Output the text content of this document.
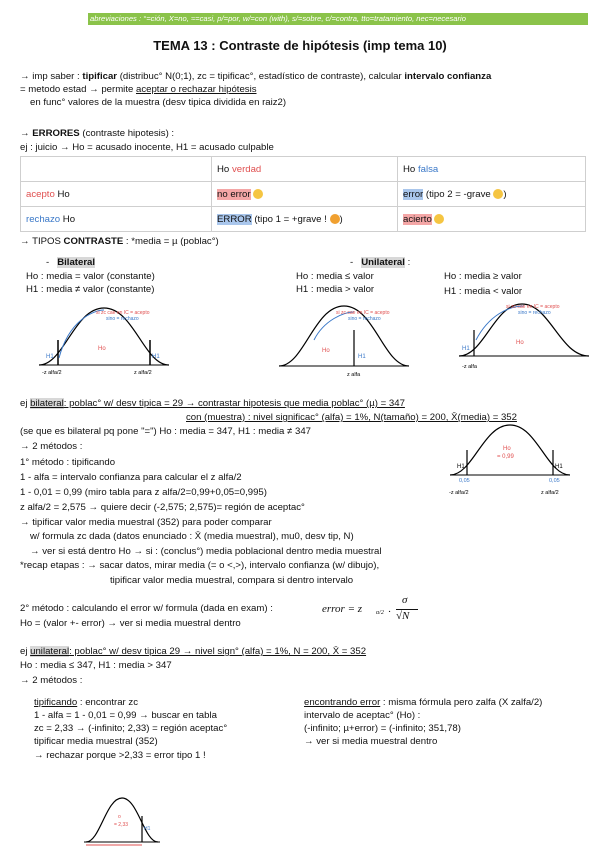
abreviaciones : °=ción, X=no, ≈=casi, p/=por, w/=con (with), s/=sobre, c/=contra, tto=tratamiento, nec=necesario
TEMA 13 : Contraste de hipótesis (imp tema 10)
→ imp saber : tipificar (distribuc° N(0;1), zc = tipificac°, estadístico de contraste), calcular intervalo confianza
= metodo estad → permite aceptar o rechazar hipótesis
en func° valores de la muestra (desv tipica dividida en raiz2)
→ ERRORES (contraste hipotesis) :
ej : juicio → Ho = acusado inocente, H1 = acusado culpable
	Ho verdad	Ho falsa
acepto Ho	no error	error (tipo 2 = -grave )
rechazo Ho	ERROR (tipo 1 = +grave ! )	acierto
→ TIPOS CONTRASTE : *media = µ (poblac°)
- Bilateral
Ho : media = valor (constante)
H1 : media ≠ valor (constante)
- Unilateral :
Ho : media ≤ valor
H1 : media > valor
Ho : media ≥ valor
H1 : media < valor
si zc cae en IC = acepto
sino = rechazo
Ho
H1	H1
-z alfa/2	z alfa/2
si zc cae en IC = acepto
sino = rechazo
Ho
H1
z alfa
si zc cae en IC = acepto
sino = rechazo
Ho
H1
-z alfa
ej bilateral: poblac° w/ desv tipica = 29 → contrastar hipotesis que media poblac° (µ) = 347
con (muestra) : nivel significac° (alfa) = 1%, N(tamaño) = 200, X̄(media) = 352
(se que es bilateral pq pone "=") Ho : media = 347, H1 : media ≠ 347
→ 2 métodos :
1° método : tipificando
1 - alfa = intervalo confianza para calcular el z alfa/2
1 - 0,01 = 0,99 (miro tabla para z alfa/2=0,99+0,05=0,995)
z alfa/2 = 2,575 → quiere decir (-2,575; 2,575)= región de aceptac°
→ tipificar valor media muestral (352) para poder comparar
w/ formula zc dada (datos enunciado : X̄ (media muestral), mu0, desv tip, N)
→ ver si está dentro Ho → si : (conclus°) media poblacional dentro media muestral
*recap etapas : → sacar datos, mirar media (= o <,>), intervalo confianza (w/ dibujo),
tipificar valor media muestral, compara si dentro intervalo
2° método : calculando el error w/ formula (dada en exam) :
Ho = (valor +- error) → ver si media muestral dentro
error = z α/2 ·
σ
√N
Ho
= 0,99
H1	H1
0,05	0,05
-z alfa/2	z alfa/2
ej unilateral: poblac° w/ desv tipica 29 → nivel sign° (alfa) = 1%, N = 200, X̄ = 352
Ho : media ≤ 347, H1 : media > 347
→ 2 métodos :
tipificando : encontrar zc
1 - alfa = 1 - 0,01 = 0,99 → buscar en tabla
zc = 2,33 → (-infinito; 2,33) = región aceptac°
tipificar media muestral (352)
→ rechazar porque >2,33 = error tipo 1 !
encontrando error : misma fórmula pero zalfa (X zalfa/2)
intervalo de aceptac° (Ho) :
(-infinito; µ+error) = (-infinito; 351,78)
→ ver si media muestral dentro
o
= 2,33
H1
